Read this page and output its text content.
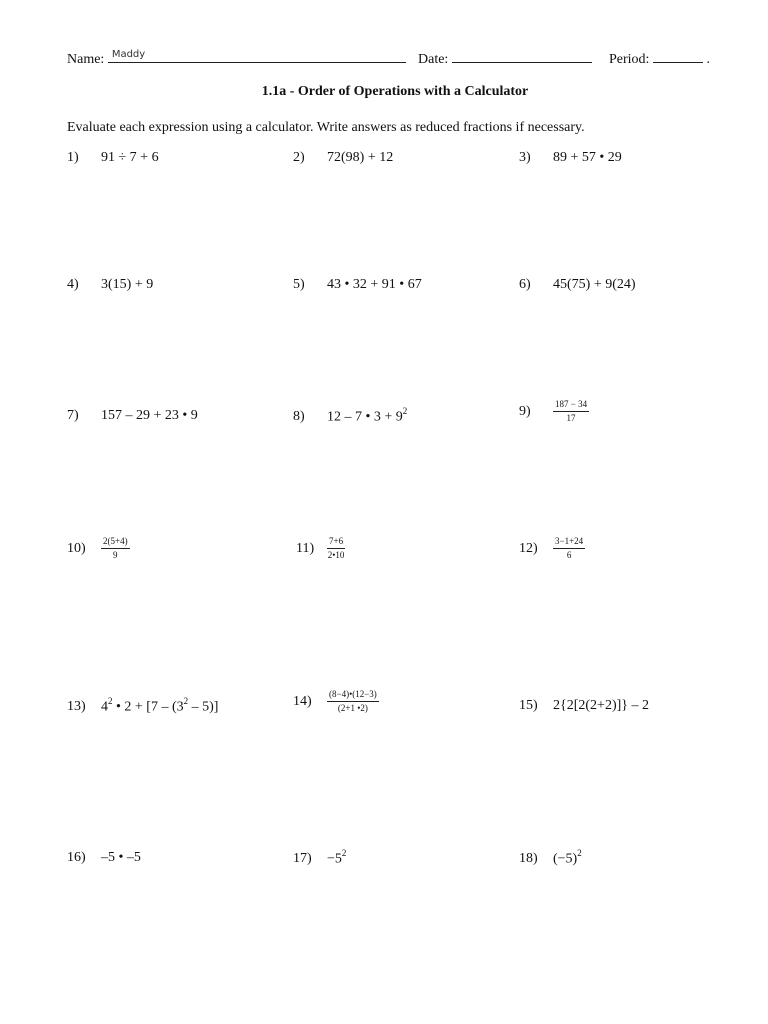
Name: Maddy	Date:	Period:	.
1.1a - Order of Operations with a Calculator
Evaluate each expression using a calculator. Write answers as reduced fractions if necessary.
1) 91 ÷ 7 + 6	2) 72(98) + 12	3) 89 + 57 • 29
4) 3(15) + 9	5) 43 • 32 + 91 • 67	6) 45(75) + 9(24)
7) 157 – 29 + 23 • 9	8) 12 – 7 • $3 + 9^2$	$9) \frac{187 - 34}{17}$
$10) \frac{2(5+4)}{9}$	$11) \frac{7+6}{2•10}$	$12) \frac{3-1+24}{6}$
13) $4^2$ • $2 + [7 - (3^2 - 5)]$	$14) \frac{(8-4)•(12-3)}{(2+1 •2)}$	15) 2{2[2(2+2)]} – 2
16) –5 • –5	$17) -5^2$	18) $(-5)^2$
